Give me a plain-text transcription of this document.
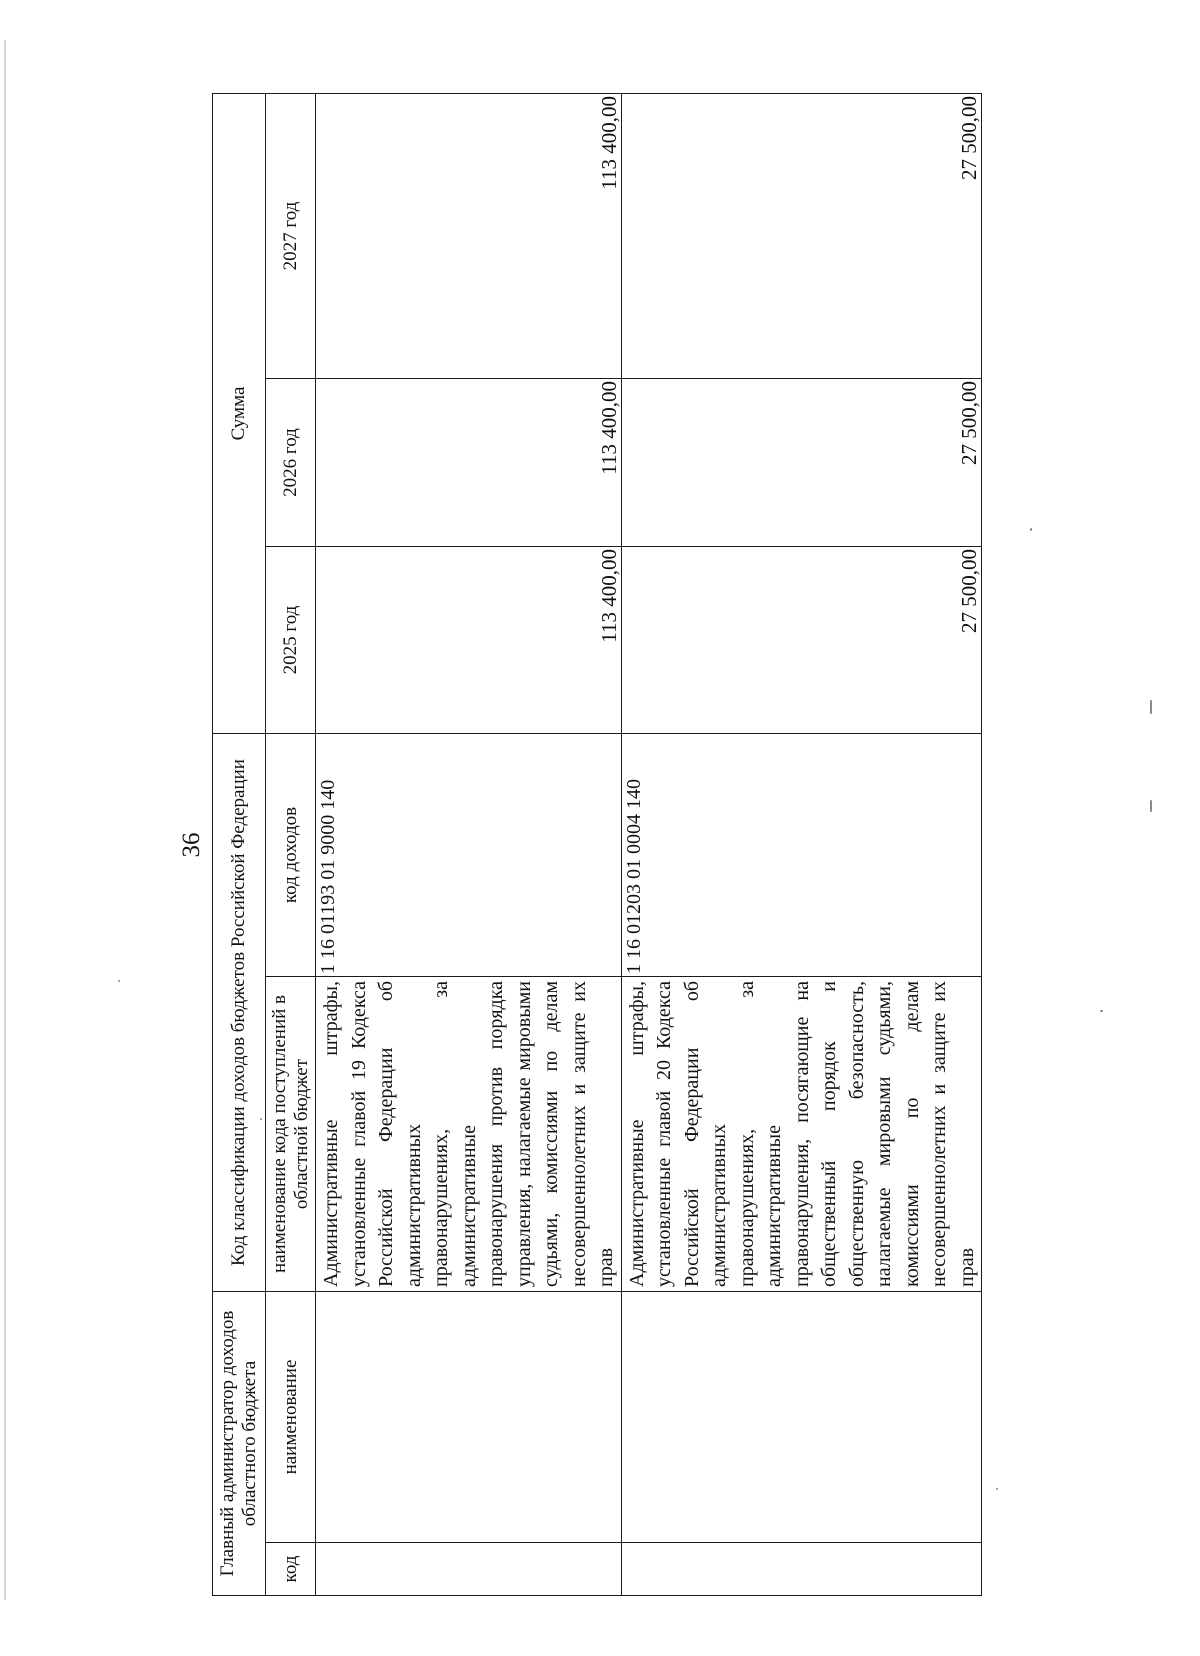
Главный администратор доходов областного бюджета		Код классификации доходов бюджетов Российской Федерации		Сумма		
код	наименование	наименование кода поступлений в областной бюджет	код доходов	2025 год	2026 год	2027 год
		Административные штрафы, установленные главой 19 Кодекса Российской Федерации об административных правонарушениях, за административные правонарушения против порядка управления, налагаемые мировыми судьями, комиссиями по делам несовершеннолетних и защите их прав	1 16 01193 01 9000 140	113 400,00	113 400,00	113 400,00
		Административные штрафы, установленные главой 20 Кодекса Российской Федерации об административных правонарушениях, за административные правонарушения, посягающие на общественный порядок и общественную безопасность, налагаемые мировыми судьями, комиссиями по делам несовершеннолетних и защите их прав	1 16 01203 01 0004 140	27 500,00	27 500,00	27 500,00
36
